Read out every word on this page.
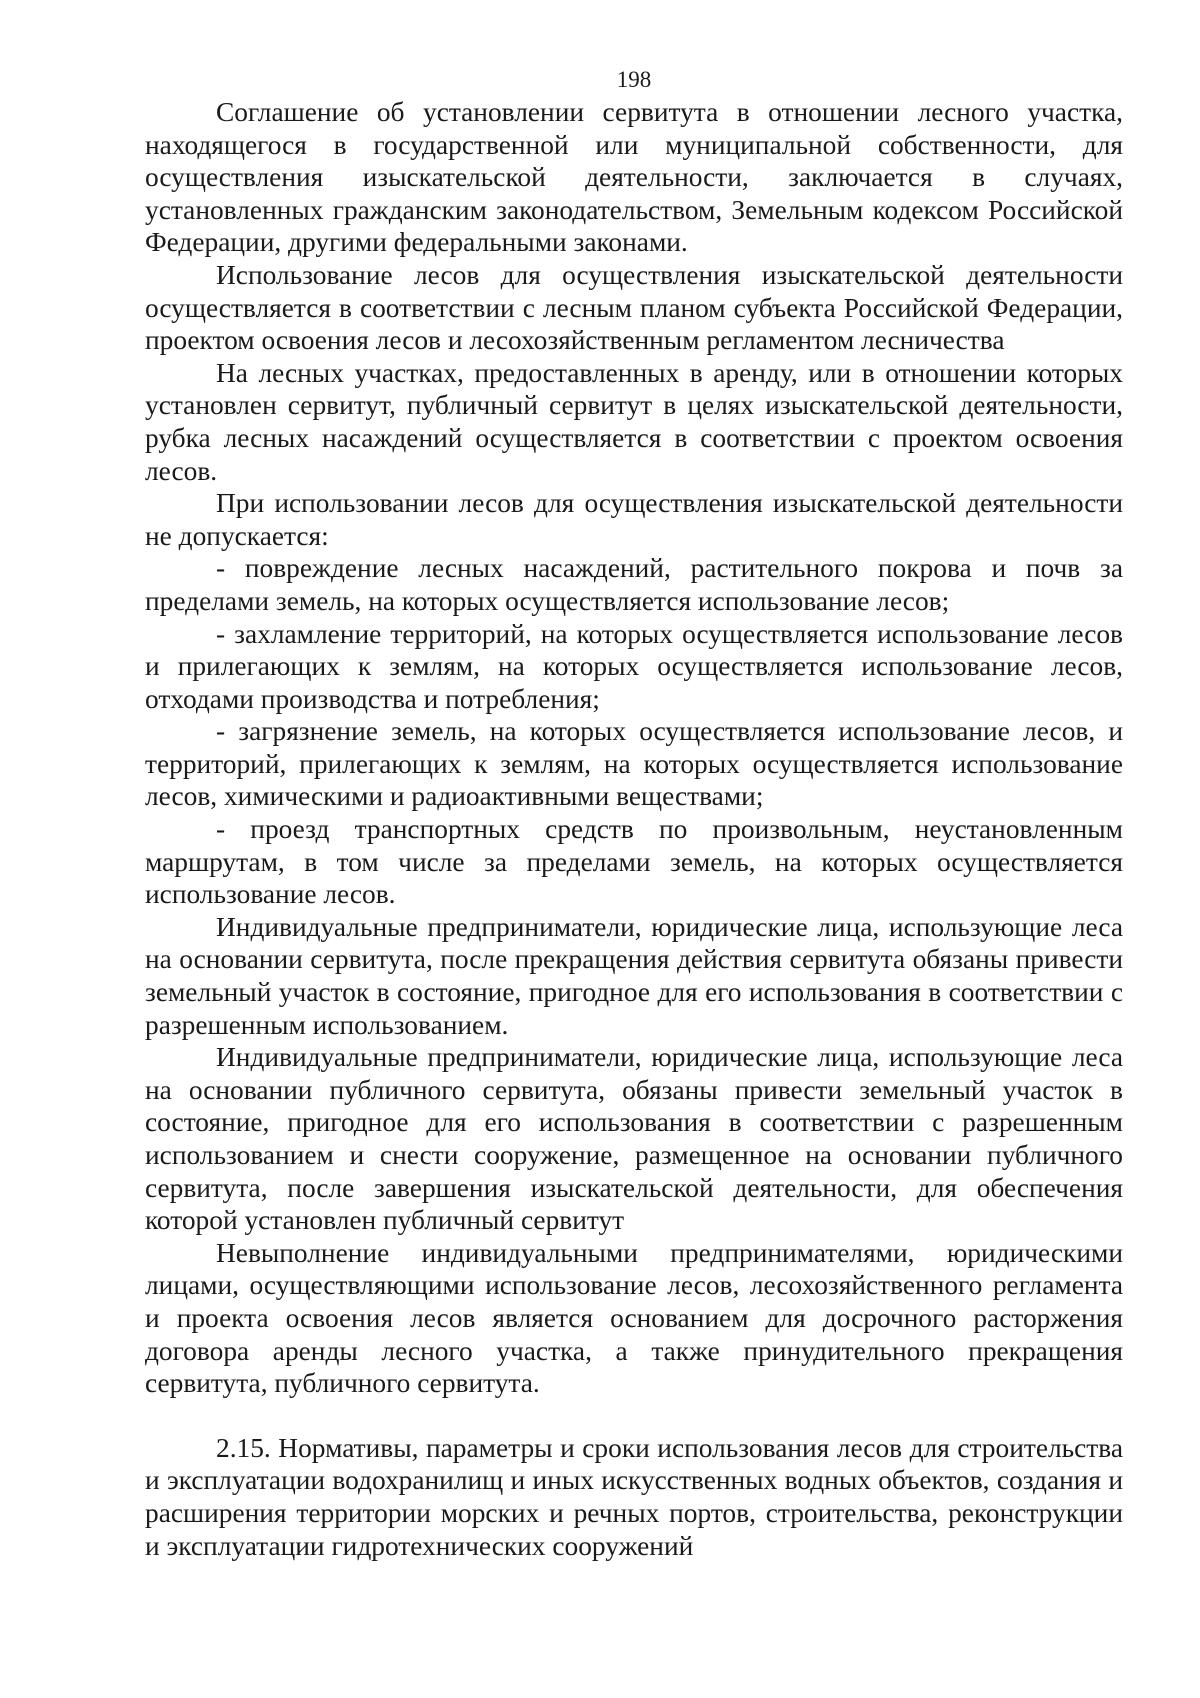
198

Соглашение об установлении сервитута в отношении лесного участка, находящегося в государственной или муниципальной собственности, для осуществления изыскательской деятельности, заключается в случаях, установленных гражданским законодательством, Земельным кодексом Российской Федерации, другими федеральными законами.

Использование лесов для осуществления изыскательской деятельности осуществляется в соответствии с лесным планом субъекта Российской Федерации, проектом освоения лесов и лесохозяйственным регламентом лесничества

На лесных участках, предоставленных в аренду, или в отношении которых установлен сервитут, публичный сервитут в целях изыскательской деятельности, рубка лесных насаждений осуществляется в соответствии с проектом освоения лесов.

При использовании лесов для осуществления изыскательской деятельности не допускается:

- повреждение лесных насаждений, растительного покрова и почв за пределами земель, на которых осуществляется использование лесов;

- захламление территорий, на которых осуществляется использование лесов и прилегающих к землям, на которых осуществляется использование лесов, отходами производства и потребления;

- загрязнение земель, на которых осуществляется использование лесов, и территорий, прилегающих к землям, на которых осуществляется использование лесов, химическими и радиоактивными веществами;

- проезд транспортных средств по произвольным, неустановленным маршрутам, в том числе за пределами земель, на которых осуществляется использование лесов.

Индивидуальные предприниматели, юридические лица, использующие леса на основании сервитута, после прекращения действия сервитута обязаны привести земельный участок в состояние, пригодное для его использования в соответствии с разрешенным использованием.

Индивидуальные предприниматели, юридические лица, использующие леса на основании публичного сервитута, обязаны привести земельный участок в состояние, пригодное для его использования в соответствии с разрешенным использованием и снести сооружение, размещенное на основании публичного сервитута, после завершения изыскательской деятельности, для обеспечения которой установлен публичный сервитут

Невыполнение индивидуальными предпринимателями, юридическими лицами, осуществляющими использование лесов, лесохозяйственного регламента и проекта освоения лесов является основанием для досрочного расторжения договора аренды лесного участка, а также принудительного прекращения сервитута, публичного сервитута.

2.15. Нормативы, параметры и сроки использования лесов для строительства и эксплуатации водохранилищ и иных искусственных водных объектов, создания и расширения территории морских и речных портов, строительства, реконструкции и эксплуатации гидротехнических сооружений
